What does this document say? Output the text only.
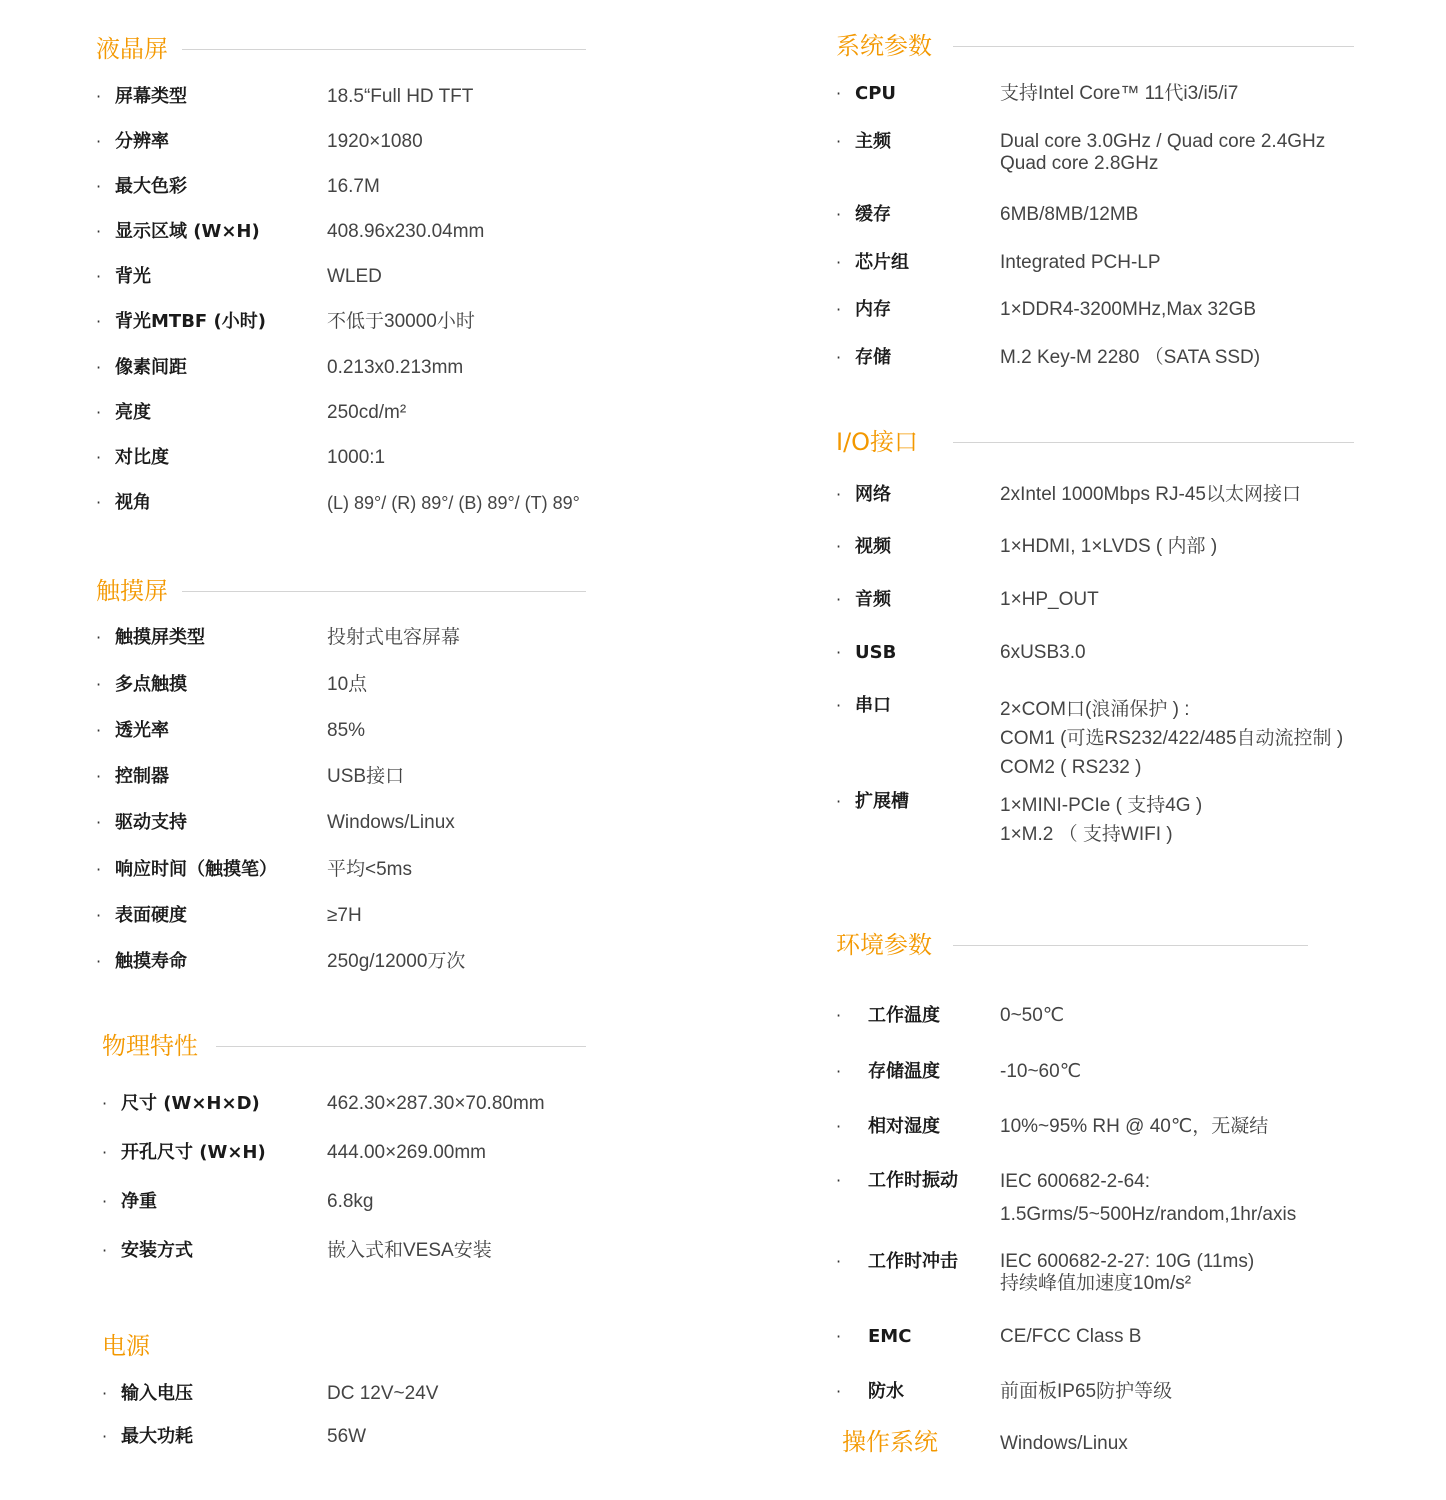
液晶屏
· 屏幕类型	18.5“Full HD TFT
· 分辨率	1920×1080
· 最大色彩	16.7M
· 显示区域 (W×H)	408.96x230.04mm
· 背光	WLED
· 背光MTBF (小时)	不低于30000小时
· 像素间距	0.213x0.213mm
· 亮度	250cd/m²
· 对比度	1000:1
· 视角	(L) 89°/ (R) 89°/ (B) 89°/ (T) 89°
触摸屏
· 触摸屏类型	投射式电容屏幕
· 多点触摸	10点
· 透光率	85%
· 控制器	USB接口
· 驱动支持	Windows/Linux
· 响应时间（触摸笔）	平均<5ms
· 表面硬度	≥7H
· 触摸寿命	250g/12000万次
物理特性
· 尺寸 (W×H×D)	462.30×287.30×70.80mm
· 开孔尺寸 (W×H)	444.00×269.00mm
· 净重	6.8kg
· 安装方式	嵌入式和VESA安装
电源
· 输入电压	DC 12V~24V
· 最大功耗	56W
系统参数
· CPU	支持Intel Core™ 11代i3/i5/i7
· 主频	Dual core 3.0GHz / Quad core 2.4GHz
Quad core 2.8GHz
· 缓存	6MB/8MB/12MB
· 芯片组	Integrated PCH-LP
· 内存	1×DDR4-3200MHz,Max 32GB
· 存储	M.2 Key-M 2280 （SATA SSD)
I/O接口
· 网络	2xIntel 1000Mbps RJ-45以太网接口
· 视频	1×HDMI, 1×LVDS ( 内部 )
· 音频	1×HP_OUT
· USB	6xUSB3.0
· 串口	2×COM口(浪涌保护 ) :
COM1 (可选RS232/422/485自动流控制 )
COM2 ( RS232 )
· 扩展槽	1×MINI-PCIe ( 支持4G )
1×M.2 （ 支持WIFI )
环境参数
· 工作温度	0~50℃
· 存储温度	-10~60℃
· 相对湿度	10%~95% RH @ 40℃，无凝结
· 工作时振动 IEC 600682-2-64:
1.5Grms/5~500Hz/random,1hr/axis
· 工作时冲击 IEC 600682-2-27: 10G (11ms)
持续峰值加速度10m/s²
· EMC	CE/FCC Class B
· 防水	前面板IP65防护等级
操作系统	Windows/Linux
